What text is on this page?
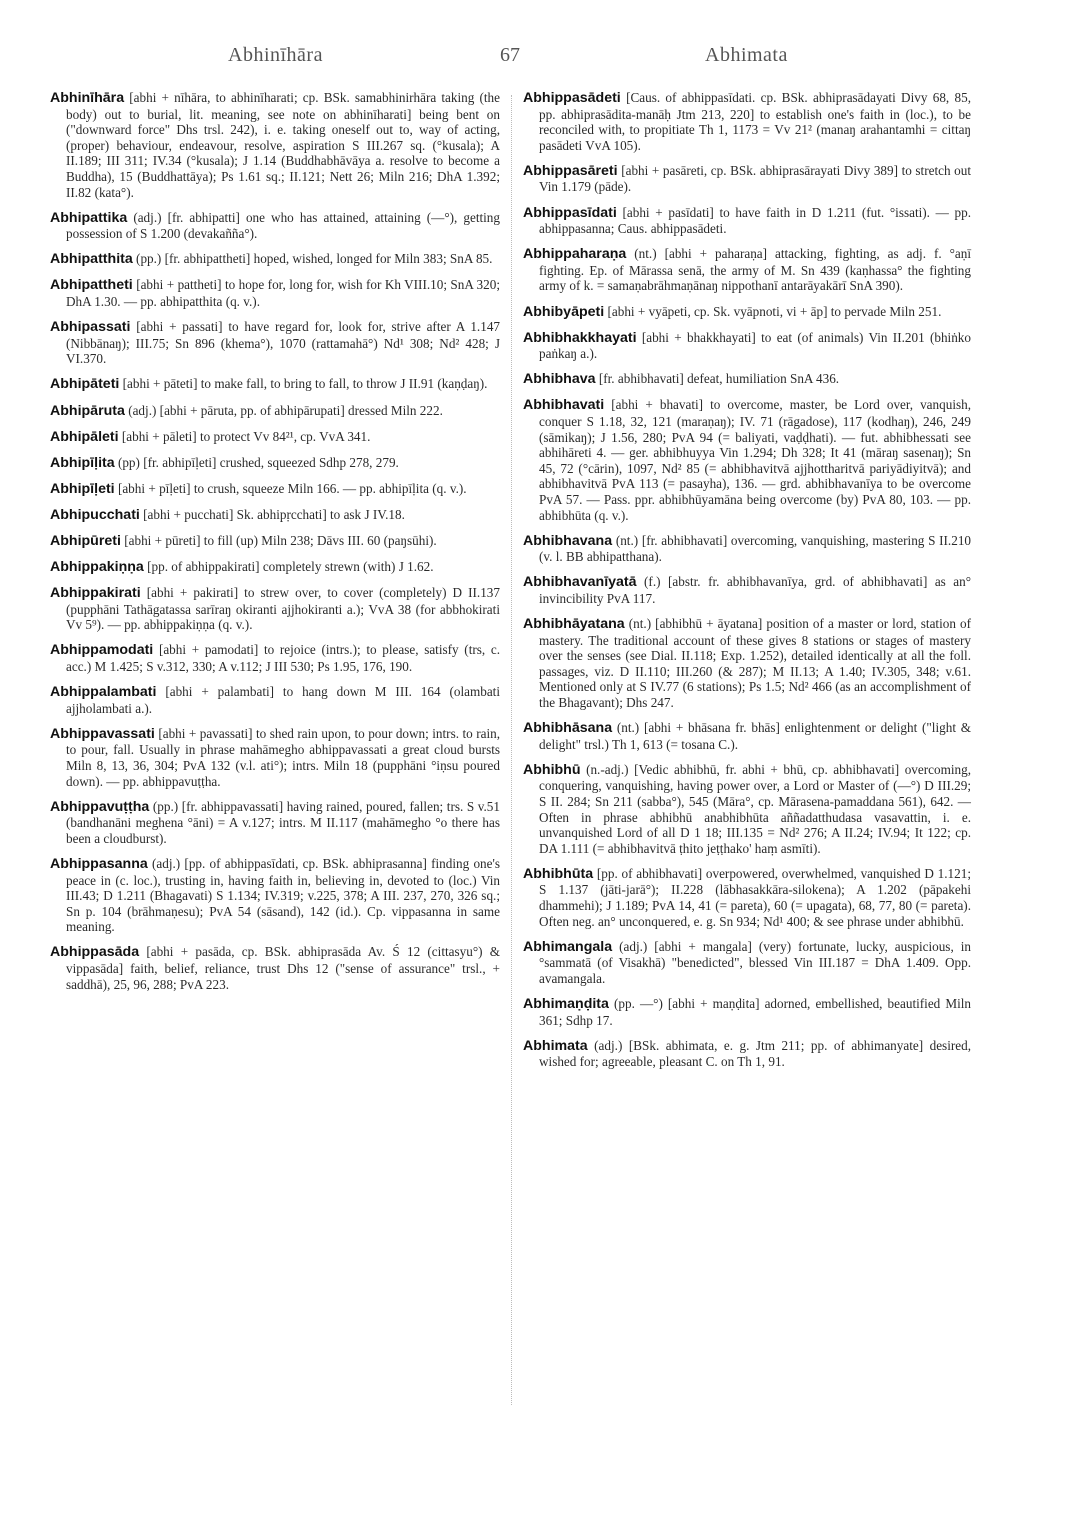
Abhinīhāra	67	Abhimata

Abhinīhāra [abhi + nīhāra, to abhinīharati; cp. BSk. samabhinirhāra taking (the body) out to burial, lit. meaning, see note on abhinīharati] being bent on ("downward force" Dhs trsl. 242), i. e. taking oneself out to, way of acting, (proper) behaviour, endeavour, resolve, aspiration S III.267 sq. (°kusala); A II.189; III 311; IV.34 (°kusala); J 1.14 (Buddhabhāvāya a. resolve to become a Buddha), 15 (Buddhattāya); Ps 1.61 sq.; II.121; Nett 26; Miln 216; DhA 1.392; II.82 (kata°).

Abhipattika (adj.) [fr. abhipatti] one who has attained, attaining (—°), getting possession of S 1.200 (devakañña°).

Abhipatthita (pp.) [fr. abhipattheti] hoped, wished, longed for Miln 383; SnA 85.

Abhipattheti [abhi + pattheti] to hope for, long for, wish for Kh VIII.10; SnA 320; DhA 1.30. — pp. abhipatthita (q. v.).

Abhipassati [abhi + passati] to have regard for, look for, strive after A 1.147 (Nibbānaŋ); III.75; Sn 896 (khema°), 1070 (rattamahā°) Nd¹ 308; Nd² 428; J VI.370.

Abhipāteti [abhi + pāteti] to make fall, to bring to fall, to throw J II.91 (kaṇḍaŋ).

Abhipāruta (adj.) [abhi + pāruta, pp. of abhipārupati] dressed Miln 222.

Abhipāleti [abhi + pāleti] to protect Vv 84²¹, cp. VvA 341.

Abhipīḷita (pp) [fr. abhipīḷeti] crushed, squeezed Sdhp 278, 279.

Abhipīḷeti [abhi + pīḷeti] to crush, squeeze Miln 166. — pp. abhipīḷita (q. v.).

Abhipucchati [abhi + pucchati] Sk. abhipṛcchati] to ask J IV.18.

Abhipūreti [abhi + pūreti] to fill (up) Miln 238; Dāvs III. 60 (paŋsūhi).

Abhippakiṇṇa [pp. of abhippakirati] completely strewn (with) J 1.62.

Abhippakirati [abhi + pakirati] to strew over, to cover (completely) D II.137 (pupphāni Tathāgatassa sarīraŋ okiranti ajjhokiranti a.); VvA 38 (for abbhokirati Vv 5⁹). — pp. abhippakiṇṇa (q. v.).

Abhippamodati [abhi + pamodati] to rejoice (intrs.); to please, satisfy (trs, c. acc.) M 1.425; S v.312, 330; A v.112; J III 530; Ps 1.95, 176, 190.

Abhippalambati [abhi + palambati] to hang down M III. 164 (olambati ajjholambati a.).

Abhippavassati [abhi + pavassati] to shed rain upon, to pour down; intrs. to rain, to pour, fall. Usually in phrase mahāmegho abhippavassati a great cloud bursts Miln 8, 13, 36, 304; PvA 132 (v.l. ati°); intrs. Miln 18 (pupphāni °iṇsu poured down). — pp. abhippavuṭṭha.

Abhippavuṭṭha (pp.) [fr. abhippavassati] having rained, poured, fallen; trs. S v.51 (bandhanāni meghena °āni) = A v.127; intrs. M II.117 (mahāmegho °o there has been a cloudburst).

Abhippasanna (adj.) [pp. of abhippasīdati, cp. BSk. abhiprasanna] finding one's peace in (c. loc.), trusting in, having faith in, believing in, devoted to (loc.) Vin III.43; D 1.211 (Bhagavati) S 1.134; IV.319; v.225, 378; A III. 237, 270, 326 sq.; Sn p. 104 (brāhmaṇesu); PvA 54 (sāsand), 142 (id.). Cp. vippasanna in same meaning.

Abhippasāda [abhi + pasāda, cp. BSk. abhiprasāda Av. Ś 12 (cittasyu°) & vippasāda] faith, belief, reliance, trust Dhs 12 ("sense of assurance" trsl., + saddhā), 25, 96, 288; PvA 223.

Abhippasādeti [Caus. of abhippasīdati. cp. BSk. abhiprasādayati Divy 68, 85, pp. abhiprasādita-manāḥ Jtm 213, 220] to establish one's faith in (loc.), to be reconciled with, to propitiate Th 1, 1173 = Vv 21² (manaŋ arahantamhi = cittaŋ pasādeti VvA 105).

Abhippasāreti [abhi + pasāreti, cp. BSk. abhiprasārayati Divy 389] to stretch out Vin 1.179 (pāde).

Abhippasīdati [abhi + pasīdati] to have faith in D 1.211 (fut. °issati). — pp. abhippasanna; Caus. abhippasādeti.

Abhippaharaṇa (nt.) [abhi + paharaṇa] attacking, fighting, as adj. f. °aṇī fighting. Ep. of Mārassa senā, the army of M. Sn 439 (kaṇhassa° the fighting army of k. = samaṇabrāhmaṇānaŋ nippothanī antarāyakārī SnA 390).

Abhibyāpeti [abhi + vyāpeti, cp. Sk. vyāpnoti, vi + āp] to pervade Miln 251.

Abhibhakkhayati [abhi + bhakkhayati] to eat (of animals) Vin II.201 (bhiṅko paṅkaŋ a.).

Abhibhava [fr. abhibhavati] defeat, humiliation SnA 436.

Abhibhavati [abhi + bhavati] to overcome, master, be Lord over, vanquish, conquer S 1.18, 32, 121 (maraṇaŋ); IV. 71 (rāgadose), 117 (kodhaŋ), 246, 249 (sāmikaŋ); J 1.56, 280; PvA 94 (= baliyati, vaḍḍhati). — fut. abhibhessati see abhihāreti 4. — ger. abhibhuyya Vin 1.294; Dh 328; It 41 (māraŋ sasenaŋ); Sn 45, 72 (°cārin), 1097, Nd² 85 (= abhibhavitvā ajjhottharitvā pariyādiyitvā); and abhibhavitvā PvA 113 (= pasayha), 136. — grd. abhibhavanīya to be overcome PvA 57. — Pass. ppr. abhibhūyamāna being overcome (by) PvA 80, 103. — pp. abhibhūta (q. v.).

Abhibhavana (nt.) [fr. abhibhavati] overcoming, vanquishing, mastering S II.210 (v. l. BB abhipatthana).

Abhibhavanīyatā (f.) [abstr. fr. abhibhavanīya, grd. of abhibhavati] as an° invincibility PvA 117.

Abhibhāyatana (nt.) [abhibhū + āyatana] position of a master or lord, station of mastery. The traditional account of these gives 8 stations or stages of mastery over the senses (see Dial. II.118; Exp. 1.252), detailed identically at all the foll. passages, viz. D II.110; III.260 (& 287); M II.13; A 1.40; IV.305, 348; v.61. Mentioned only at S IV.77 (6 stations); Ps 1.5; Nd² 466 (as an accomplishment of the Bhagavant); Dhs 247.

Abhibhāsana (nt.) [abhi + bhāsana fr. bhās] enlightenment or delight ("light & delight" trsl.) Th 1, 613 (= tosana C.).

Abhibhū (n.-adj.) [Vedic abhibhū, fr. abhi + bhū, cp. abhibhavati] overcoming, conquering, vanquishing, having power over, a Lord or Master of (—°) D III.29; S II. 284; Sn 211 (sabba°), 545 (Māra°, cp. Mārasena-pamaddana 561), 642. — Often in phrase abhibhū anabhibhūta aññadatthudasa vasavattin, i. e. unvanquished Lord of all D 1 18; III.135 = Nd² 276; A II.24; IV.94; It 122; cp. DA 1.111 (= abhibhavitvā ṭhito jeṭṭhako' haṃ asmīti).

Abhibhūta [pp. of abhibhavati] overpowered, overwhelmed, vanquished D 1.121; S 1.137 (jāti-jarā°); II.228 (lābhasakkāra-silokena); A 1.202 (pāpakehi dhammehi); J 1.189; PvA 14, 41 (= pareta), 60 (= upagata), 68, 77, 80 (= pareta). Often neg. an° unconquered, e. g. Sn 934; Nd¹ 400; & see phrase under abhibhū.

Abhimangala (adj.) [abhi + mangala] (very) fortunate, lucky, auspicious, in °sammatā (of Visakhā) "benedicted", blessed Vin III.187 = DhA 1.409. Opp. avamangala.

Abhimaṇḍita (pp. —°) [abhi + maṇḍita] adorned, embellished, beautified Miln 361; Sdhp 17.

Abhimata (adj.) [BSk. abhimata, e. g. Jtm 211; pp. of abhimanyate] desired, wished for; agreeable, pleasant C. on Th 1, 91.
